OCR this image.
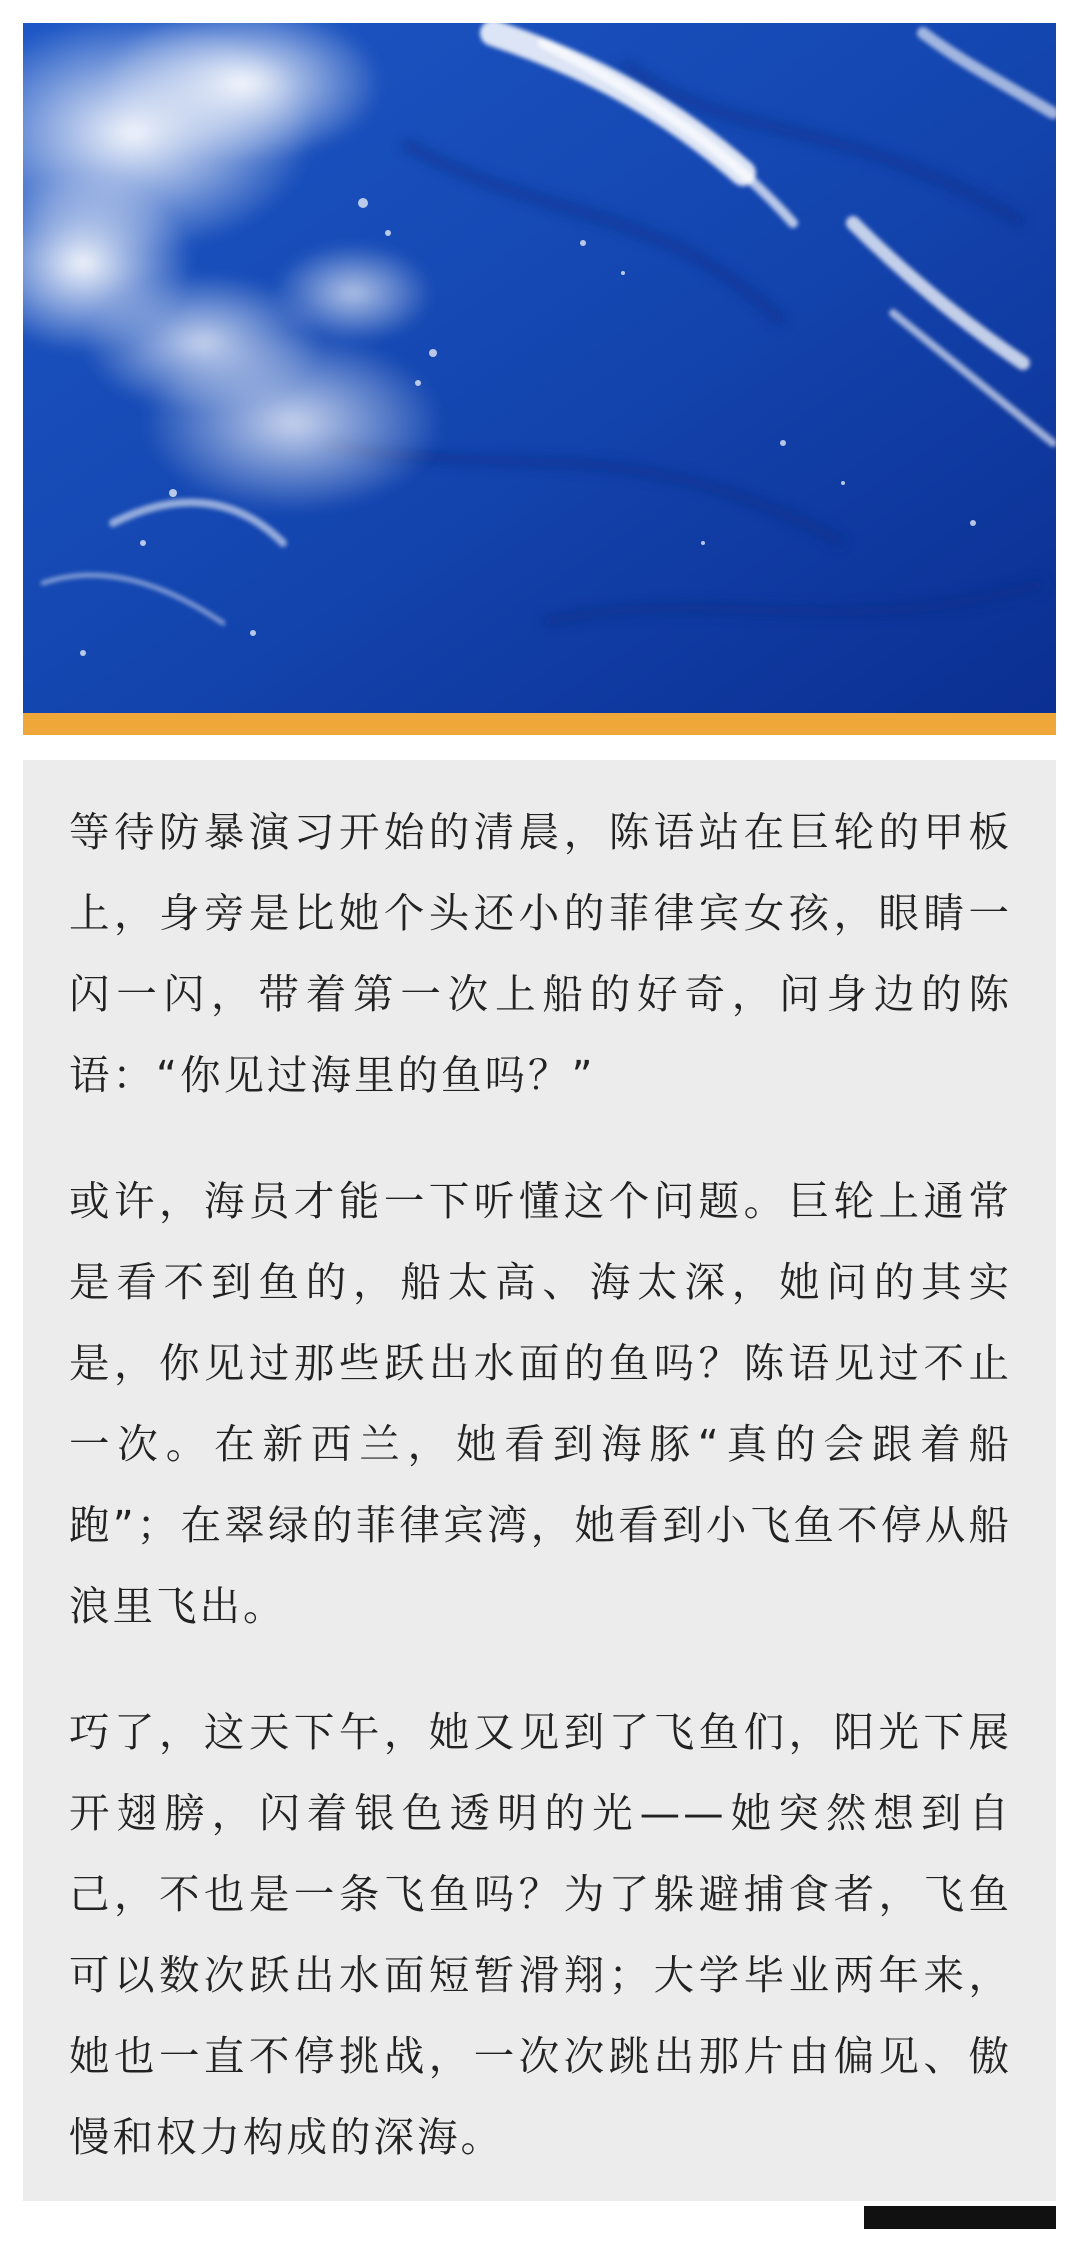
等待防暴演习开始的清晨，陈语站在巨轮的甲板上，身旁是比她个头还小的菲律宾女孩，眼睛一闪一闪，带着第一次上船的好奇，问身边的陈语：“你见过海里的鱼吗？”

或许，海员才能一下听懂这个问题。巨轮上通常是看不到鱼的，船太高、海太深，她问的其实是，你见过那些跃出水面的鱼吗？陈语见过不止一次。在新西兰，她看到海豚“真的会跟着船跑”；在翠绿的菲律宾湾，她看到小飞鱼不停从船浪里飞出。

巧了，这天下午，她又见到了飞鱼们，阳光下展开翅膀，闪着银色透明的光——她突然想到自己，不也是一条飞鱼吗？为了躲避捕食者，飞鱼可以数次跃出水面短暂滑翔；大学毕业两年来，她也一直不停挑战，一次次跳出那片由偏见、傲慢和权力构成的深海。
